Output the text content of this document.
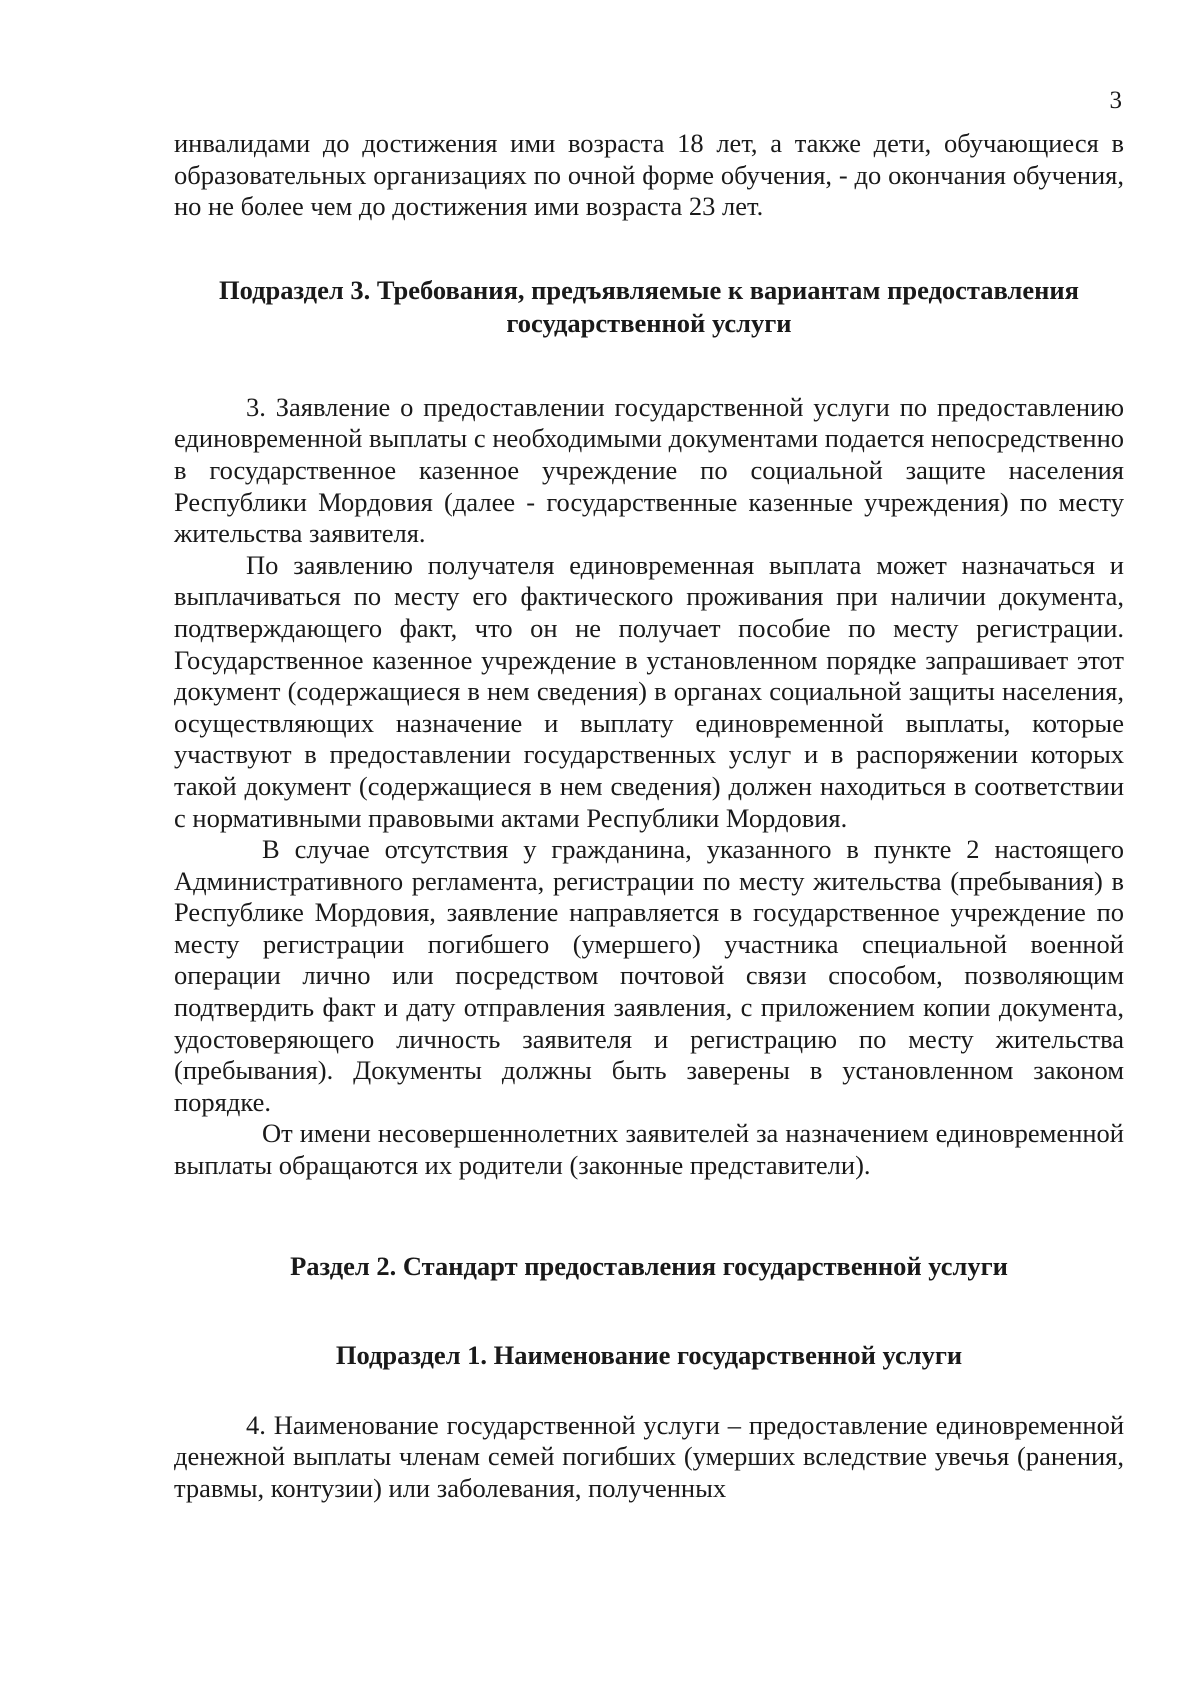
3

инвалидами до достижения ими возраста 18 лет, а также дети, обучающиеся в образовательных организациях по очной форме обучения, - до окончания обучения, но не более чем до достижения ими возраста 23 лет.

Подраздел 3. Требования, предъявляемые к вариантам предоставления государственной услуги

3. Заявление о предоставлении государственной услуги по предоставлению единовременной выплаты с необходимыми документами подается непосредственно в государственное казенное учреждение по социальной защите населения Республики Мордовия (далее - государственные казенные учреждения) по месту жительства заявителя.

По заявлению получателя единовременная выплата может назначаться и выплачиваться по месту его фактического проживания при наличии документа, подтверждающего факт, что он не получает пособие по месту регистрации. Государственное казенное учреждение в установленном порядке запрашивает этот документ (содержащиеся в нем сведения) в органах социальной защиты населения, осуществляющих назначение и выплату единовременной выплаты, которые участвуют в предоставлении государственных услуг и в распоряжении которых такой документ (содержащиеся в нем сведения) должен находиться в соответствии с нормативными правовыми актами Республики Мордовия.

В случае отсутствия у гражданина, указанного в пункте 2 настоящего Административного регламента, регистрации по месту жительства (пребывания) в Республике Мордовия, заявление направляется в государственное учреждение по месту регистрации погибшего (умершего) участника специальной военной операции лично или посредством почтовой связи способом, позволяющим подтвердить факт и дату отправления заявления, с приложением копии документа, удостоверяющего личность заявителя и регистрацию по месту жительства (пребывания). Документы должны быть заверены в установленном законом порядке.

От имени несовершеннолетних заявителей за назначением единовременной выплаты обращаются их родители (законные представители).

Раздел 2. Стандарт предоставления государственной услуги

Подраздел 1. Наименование государственной услуги

4. Наименование государственной услуги – предоставление единовременной денежной выплаты членам семей погибших (умерших вследствие увечья (ранения, травмы, контузии) или заболевания, полученных
